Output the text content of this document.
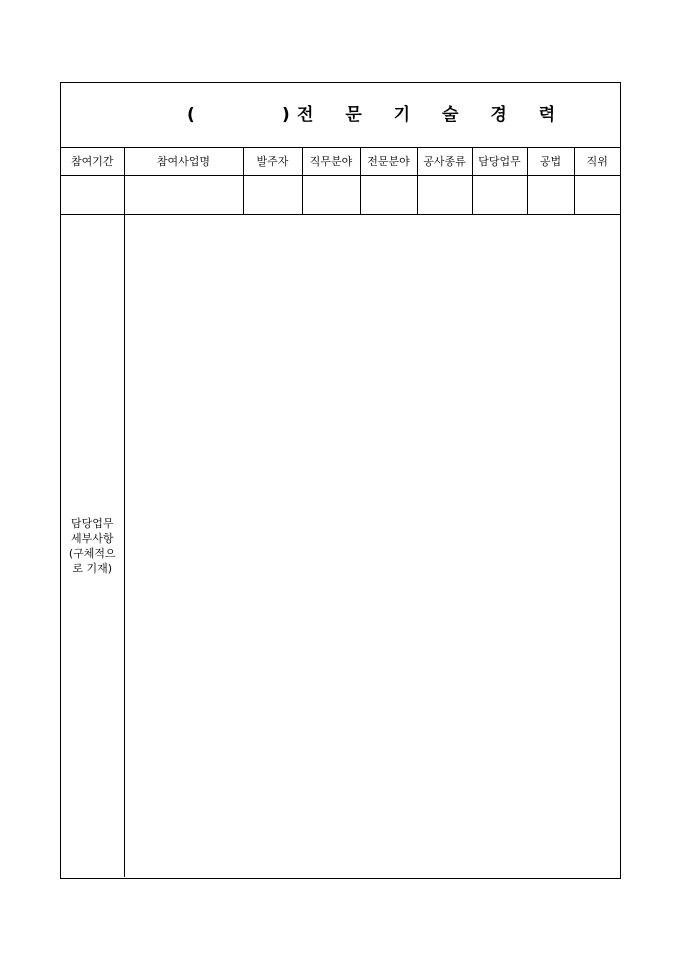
(	) 전 문 기 술 경 력
참여기간	참여사업명	발주자	직무분야	전문분야	공사종류	담당업무	공법	직위

담당업무
세부사항
(구체적으
로 기재)								
